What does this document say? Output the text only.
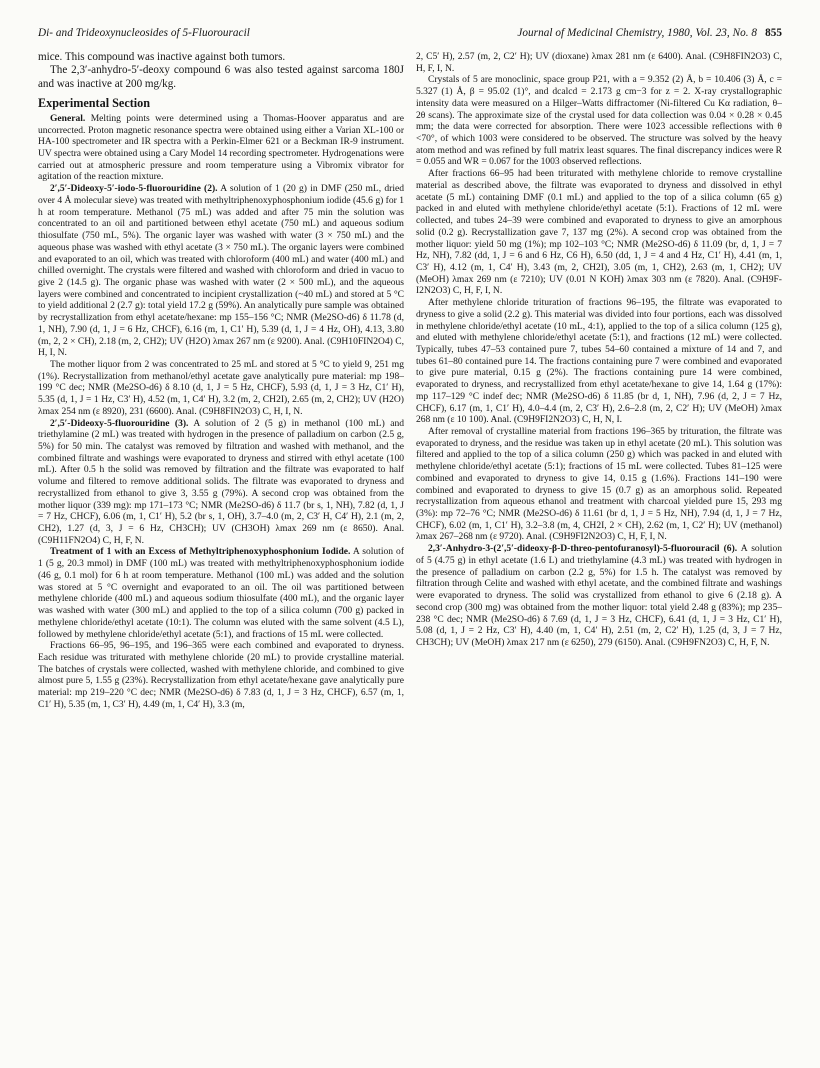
Di- and Trideoxynucleosides of 5-Fluorouracil	Journal of Medicinal Chemistry, 1980, Vol. 23, No. 8 855

mice. This compound was inactive against both tumors.

The 2,3′-anhydro-5′-deoxy compound 6 was also tested against sarcoma 180J and was inactive at 200 mg/kg.

Experimental Section

General. Melting points were determined using a Thomas-Hoover apparatus and are uncorrected. Proton magnetic resonance spectra were obtained using either a Varian XL-100 or HA-100 spectrometer and IR spectra with a Perkin-Elmer 621 or a Beckman IR-9 instrument. UV spectra were obtained using a Cary Model 14 recording spectrometer. Hydrogenations were carried out at atmospheric pressure and room temperature using a Vibromix vibrator for agitation of the reaction mixture.

2′,5′-Dideoxy-5′-iodo-5-fluorouridine (2). A solution of 1 (20 g) in DMF (250 mL, dried over 4 Å molecular sieve) was treated with methyltriphenoxyphosphonium iodide (45.6 g) for 1 h at room temperature. Methanol (75 mL) was added and after 75 min the solution was concentrated to an oil and partitioned between ethyl acetate (750 mL) and aqueous sodium thiosulfate (750 mL, 5%). The organic layer was washed with water (3 × 750 mL) and the aqueous phase was washed with ethyl acetate (3 × 750 mL). The organic layers were combined and evaporated to an oil, which was treated with chloroform (400 mL) and water (400 mL) and chilled overnight. The crystals were filtered and washed with chloroform and dried in vacuo to give 2 (14.5 g). The organic phase was washed with water (2 × 500 mL), and the aqueous layers were combined and concentrated to incipient crystallization (~40 mL) and stored at 5 °C to yield additional 2 (2.7 g): total yield 17.2 g (59%). An analytically pure sample was obtained by recrystallization from ethyl acetate/hexane: mp 155–156 °C; NMR (Me2SO-d6) δ 11.78 (d, 1, NH), 7.90 (d, 1, J = 6 Hz, CHCF), 6.16 (m, 1, C1′ H), 5.39 (d, 1, J = 4 Hz, OH), 4.13, 3.80 (m, 2, 2 × CH), 2.18 (m, 2, CH2); UV (H2O) λmax 267 nm (ε 9200). Anal. (C9H10FIN2O4) C, H, I, N.

The mother liquor from 2 was concentrated to 25 mL and stored at 5 °C to yield 9, 251 mg (1%). Recrystallization from methanol/ethyl acetate gave analytically pure material: mp 198–199 °C dec; NMR (Me2SO-d6) δ 8.10 (d, 1, J = 5 Hz, CHCF), 5.93 (d, 1, J = 3 Hz, C1′ H), 5.35 (d, 1, J = 1 Hz, C3′ H), 4.52 (m, 1, C4′ H), 3.2 (m, 2, CH2I), 2.65 (m, 2, CH2); UV (H2O) λmax 254 nm (ε 8920), 231 (6600). Anal. (C9H8FIN2O3) C, H, I, N.

2′,5′-Dideoxy-5-fluorouridine (3). A solution of 2 (5 g) in methanol (100 mL) and triethylamine (2 mL) was treated with hydrogen in the presence of palladium on carbon (2.5 g, 5%) for 50 min. The catalyst was removed by filtration and washed with methanol, and the combined filtrate and washings were evaporated to dryness and stirred with ethyl acetate (100 mL). After 0.5 h the solid was removed by filtration and the filtrate was evaporated to half volume and filtered to remove additional solids. The filtrate was evaporated to dryness and recrystallized from ethanol to give 3, 3.55 g (79%). A second crop was obtained from the mother liquor (339 mg): mp 171–173 °C; NMR (Me2SO-d6) δ 11.7 (br s, 1, NH), 7.82 (d, 1, J = 7 Hz, CHCF), 6.06 (m, 1, C1′ H), 5.2 (br s, 1, OH), 3.7–4.0 (m, 2, C3′ H, C4′ H), 2.1 (m, 2, CH2), 1.27 (d, 3, J = 6 Hz, CH3CH); UV (CH3OH) λmax 269 nm (ε 8650). Anal. (C9H11FN2O4) C, H, F, N.

Treatment of 1 with an Excess of Methyltriphenoxyphosphonium Iodide. A solution of 1 (5 g, 20.3 mmol) in DMF (100 mL) was treated with methyltriphenoxyphosphonium iodide (46 g, 0.1 mol) for 6 h at room temperature. Methanol (100 mL) was added and the solution was stored at 5 °C overnight and evaporated to an oil. The oil was partitioned between methylene chloride (400 mL) and aqueous sodium thiosulfate (400 mL), and the organic layer was washed with water (300 mL) and applied to the top of a silica column (700 g) packed in methylene chloride/ethyl acetate (10:1). The column was eluted with the same solvent (4.5 L), followed by methylene chloride/ethyl acetate (5:1), and fractions of 15 mL were collected.

Fractions 66–95, 96–195, and 196–365 were each combined and evaporated to dryness. Each residue was triturated with methylene chloride (20 mL) to provide crystalline material. The batches of crystals were collected, washed with methylene chloride, and combined to give almost pure 5, 1.55 g (23%). Recrystallization from ethyl acetate/hexane gave analytically pure material: mp 219–220 °C dec; NMR (Me2SO-d6) δ 7.83 (d, 1, J = 3 Hz, CHCF), 6.57 (m, 1, C1′ H), 5.35 (m, 1, C3′ H), 4.49 (m, 1, C4′ H), 3.3 (m,

2, C5′ H), 2.57 (m, 2, C2′ H); UV (dioxane) λmax 281 nm (ε 6400). Anal. (C9H8FIN2O3) C, H, F, I, N.

Crystals of 5 are monoclinic, space group P21, with a = 9.352 (2) Å, b = 10.406 (3) Å, c = 5.327 (1) Å, β = 95.02 (1)°, and dcalcd = 2.173 g cm−3 for z = 2. X-ray crystallographic intensity data were measured on a Hilger–Watts diffractomer (Ni-filtered Cu Kα radiation, θ–2θ scans). The approximate size of the crystal used for data collection was 0.04 × 0.28 × 0.45 mm; the data were corrected for absorption. There were 1023 accessible reflections with θ <70°, of which 1003 were considered to be observed. The structure was solved by the heavy atom method and was refined by full matrix least squares. The final discrepancy indices were R = 0.055 and WR = 0.067 for the 1003 observed reflections.

After fractions 66–95 had been triturated with methylene chloride to remove crystalline material as described above, the filtrate was evaporated to dryness and dissolved in ethyl acetate (5 mL) containing DMF (0.1 mL) and applied to the top of a silica column (65 g) packed in and eluted with methylene chloride/ethyl acetate (5:1). Fractions of 12 mL were collected, and tubes 24–39 were combined and evaporated to dryness to give an amorphous solid (0.2 g). Recrystallization gave 7, 137 mg (2%). A second crop was obtained from the mother liquor: yield 50 mg (1%); mp 102–103 °C; NMR (Me2SO-d6) δ 11.09 (br, d, 1, J = 7 Hz, NH), 7.82 (dd, 1, J = 6 and 6 Hz, C6 H), 6.50 (dd, 1, J = 4 and 4 Hz, C1′ H), 4.41 (m, 1, C3′ H), 4.12 (m, 1, C4′ H), 3.43 (m, 2, CH2I), 3.05 (m, 1, CH2), 2.63 (m, 1, CH2); UV (MeOH) λmax 269 nm (ε 7210); UV (0.01 N KOH) λmax 303 nm (ε 7820). Anal. (C9H9F-I2N2O3) C, H, F, I, N.

After methylene chloride trituration of fractions 96–195, the filtrate was evaporated to dryness to give a solid (2.2 g). This material was divided into four portions, each was dissolved in methylene chloride/ethyl acetate (10 mL, 4:1), applied to the top of a silica column (125 g), and eluted with methylene chloride/ethyl acetate (5:1), and fractions (12 mL) were collected. Typically, tubes 47–53 contained pure 7, tubes 54–60 contained a mixture of 14 and 7, and tubes 61–80 contained pure 14. The fractions containing pure 7 were combined and evaporated to give pure material, 0.15 g (2%). The fractions containing pure 14 were combined, evaporated to dryness, and recrystallized from ethyl acetate/hexane to give 14, 1.64 g (17%): mp 117–129 °C indef dec; NMR (Me2SO-d6) δ 11.85 (br d, 1, NH), 7.96 (d, 2, J = 7 Hz, CHCF), 6.17 (m, 1, C1′ H), 4.0–4.4 (m, 2, C3′ H), 2.6–2.8 (m, 2, C2′ H); UV (MeOH) λmax 268 nm (ε 10 100). Anal. (C9H9FI2N2O3) C, H, N, I.

After removal of crystalline material from fractions 196–365 by trituration, the filtrate was evaporated to dryness, and the residue was taken up in ethyl acetate (20 mL). This solution was filtered and applied to the top of a silica column (250 g) which was packed in and eluted with methylene chloride/ethyl acetate (5:1); fractions of 15 mL were collected. Tubes 81–125 were combined and evaporated to dryness to give 14, 0.15 g (1.6%). Fractions 141–190 were combined and evaporated to dryness to give 15 (0.7 g) as an amorphous solid. Repeated recrystallization from aqueous ethanol and treatment with charcoal yielded pure 15, 293 mg (3%): mp 72–76 °C; NMR (Me2SO-d6) δ 11.61 (br d, 1, J = 5 Hz, NH), 7.94 (d, 1, J = 7 Hz, CHCF), 6.02 (m, 1, C1′ H), 3.2–3.8 (m, 4, CH2I, 2 × CH), 2.62 (m, 1, C2′ H); UV (methanol) λmax 267–268 nm (ε 9720). Anal. (C9H9FI2N2O3) C, H, F, I, N.

2,3′-Anhydro-3-(2′,5′-dideoxy-β-D-threo-pentofuranosyl)-5-fluorouracil (6). A solution of 5 (4.75 g) in ethyl acetate (1.6 L) and triethylamine (4.3 mL) was treated with hydrogen in the presence of palladium on carbon (2.2 g, 5%) for 1.5 h. The catalyst was removed by filtration through Celite and washed with ethyl acetate, and the combined filtrate and washings were evaporated to dryness. The solid was crystallized from ethanol to give 6 (2.18 g). A second crop (300 mg) was obtained from the mother liquor: total yield 2.48 g (83%); mp 235–238 °C dec; NMR (Me2SO-d6) δ 7.69 (d, 1, J = 3 Hz, CHCF), 6.41 (d, 1, J = 3 Hz, C1′ H), 5.08 (d, 1, J = 2 Hz, C3′ H), 4.40 (m, 1, C4′ H), 2.51 (m, 2, C2′ H), 1.25 (d, 3, J = 7 Hz, CH3CH); UV (MeOH) λmax 217 nm (ε 6250), 279 (6150). Anal. (C9H9FN2O3) C, H, F, N.
